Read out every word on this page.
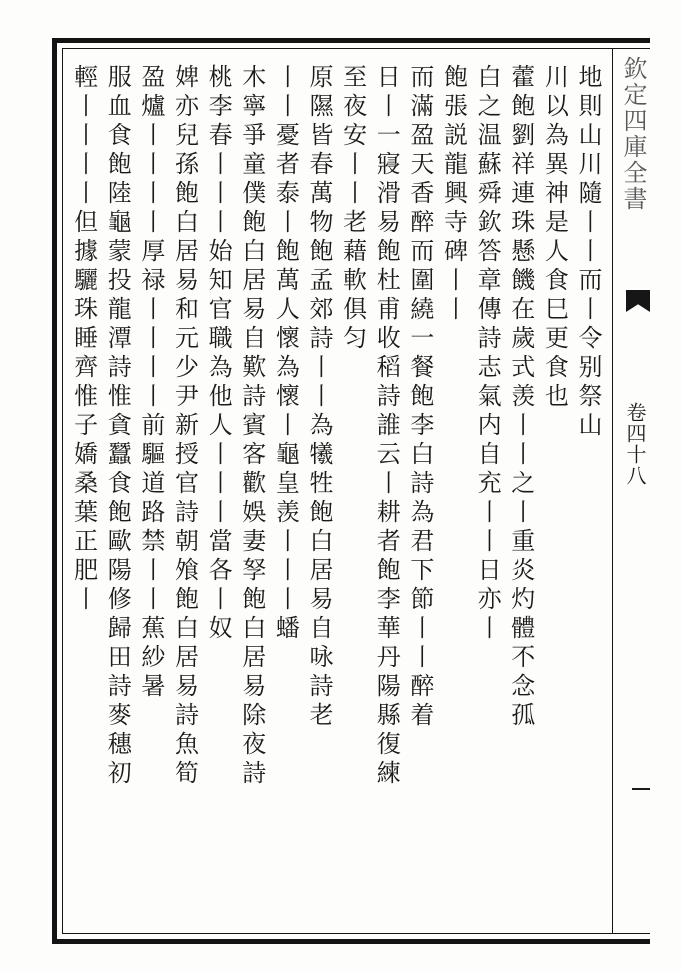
欽定四庫全書
卷四十八
地則山川隨丨丨而丨令别祭山
川以為異神是人食巳更食也
藿飽劉祥連珠懸饑在歲式羡丨丨之丨重炎灼體不念孤
白之温蘇舜欽答章傳詩志氣内自充丨丨日亦丨
飽張説龍興寺碑丨丨
而滿盈天香醉而圍繞一餐飽李白詩為君下節丨丨醉着
日丨一寢滑易飽杜甫收稻詩誰云丨耕者飽李華丹陽縣復練
至夜安丨丨老藉軟俱匀
原隰皆春萬物飽孟郊詩丨丨為犧牲飽白居易自咏詩老
丨丨憂者泰丨飽萬人懷為懷丨龜皇羡丨丨丨蟠
木寧爭童僕飽白居易自歎詩賓客歡娛妻孥飽白居易除夜詩
桃李春丨丨丨始知官職為他人丨丨丨當各丨奴
婢亦兒孫飽白居易和元少尹新授官詩朝飧飽白居易詩魚筍
盈爐丨丨丨丨厚禄丨丨丨丨前驅道路禁丨丨蕉紗暑
服血食飽陸龜蒙投龍潭詩惟貪蠶食飽歐陽修歸田詩麥穗初
輕丨丨丨丨但據驪珠睡齊惟子嬌桑葉正肥丨
